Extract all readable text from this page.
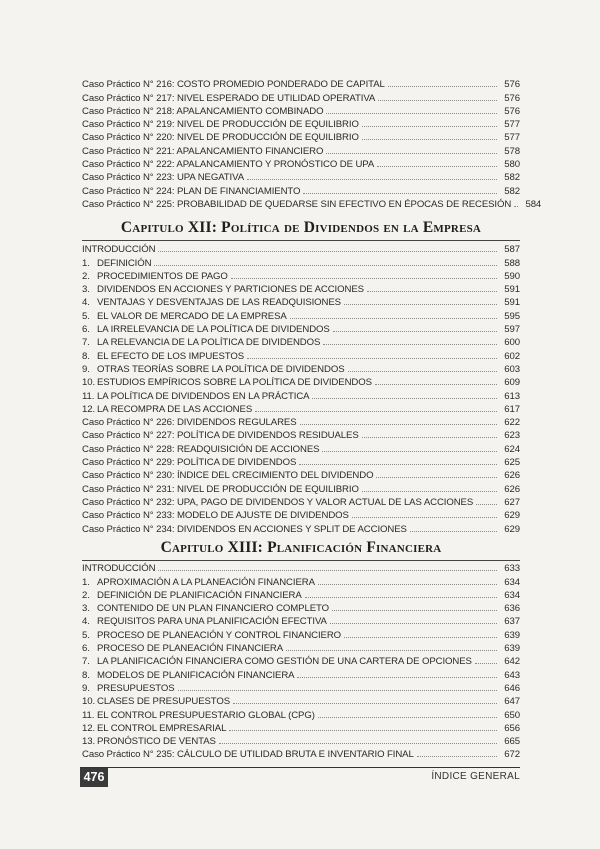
Caso Práctico N° 216: COSTO PROMEDIO PONDERADO DE CAPITAL	576
Caso Práctico N° 217: NIVEL ESPERADO DE UTILIDAD OPERATIVA	576
Caso Práctico N° 218: APALANCAMIENTO COMBINADO	576
Caso Práctico N° 219: NIVEL DE PRODUCCIÓN DE EQUILIBRIO	577
Caso Práctico N° 220: NIVEL DE PRODUCCIÓN DE EQUILIBRIO	577
Caso Práctico N° 221: APALANCAMIENTO FINANCIERO	578
Caso Práctico N° 222: APALANCAMIENTO Y PRONÓSTICO DE UPA	580
Caso Práctico N° 223: UPA NEGATIVA	582
Caso Práctico N° 224: PLAN DE FINANCIAMIENTO	582
Caso Práctico N° 225: PROBABILIDAD DE QUEDARSE SIN EFECTIVO EN ÉPOCAS DE RECESIÓN	584
Capitulo XII: Política de Dividendos en la Empresa
INTRODUCCIÓN	587
1. DEFINICIÓN	588
2. PROCEDIMIENTOS DE PAGO	590
3. DIVIDENDOS EN ACCIONES Y PARTICIONES DE ACCIONES	591
4. VENTAJAS Y DESVENTAJAS DE LAS READQUISIONES	591
5. EL VALOR DE MERCADO DE LA EMPRESA	595
6. LA IRRELEVANCIA DE LA POLÍTICA DE DIVIDENDOS	597
7. LA RELEVANCIA DE LA POLÍTICA DE DIVIDENDOS	600
8. EL EFECTO DE LOS IMPUESTOS	602
9. OTRAS TEORÍAS SOBRE LA POLÍTICA DE DIVIDENDOS	603
10. ESTUDIOS EMPÍRICOS SOBRE LA POLÍTICA DE DIVIDENDOS	609
11. LA POLÍTICA DE DIVIDENDOS EN LA PRÁCTICA	613
12. LA RECOMPRA DE LAS ACCIONES	617
Caso Práctico N° 226: DIVIDENDOS REGULARES	622
Caso Práctico N° 227: POLÍTICA DE DIVIDENDOS RESIDUALES	623
Caso Práctico N° 228: READQUISICIÓN DE ACCIONES	624
Caso Práctico N° 229: POLÍTICA DE DIVIDENDOS	625
Caso Práctico N° 230: ÍNDICE DEL CRECIMIENTO DEL DIVIDENDO	626
Caso Práctico N° 231: NIVEL DE PRODUCCIÓN DE EQUILIBRIO	626
Caso Práctico N° 232: UPA, PAGO DE DIVIDENDOS Y VALOR ACTUAL DE LAS ACCIONES	627
Caso Práctico N° 233: MODELO DE AJUSTE DE DIVIDENDOS	629
Caso Práctico N° 234: DIVIDENDOS EN ACCIONES Y SPLIT DE ACCIONES	629
Capitulo XIII: Planificación Financiera
INTRODUCCIÓN	633
1. APROXIMACIÓN A LA PLANEACIÓN FINANCIERA	634
2. DEFINICIÓN DE PLANIFICACIÓN FINANCIERA	634
3. CONTENIDO DE UN PLAN FINANCIERO COMPLETO	636
4. REQUISITOS PARA UNA PLANIFICACIÓN EFECTIVA	637
5. PROCESO DE PLANEACIÓN Y CONTROL FINANCIERO	639
6. PROCESO DE PLANEACIÓN FINANCIERA	639
7. LA PLANIFICACIÓN FINANCIERA COMO GESTIÓN DE UNA CARTERA DE OPCIONES	642
8. MODELOS DE PLANIFICACIÓN FINANCIERA	643
9. PRESUPUESTOS	646
10. CLASES DE PRESUPUESTOS	647
11. EL CONTROL PRESUPUESTARIO GLOBAL (CPG)	650
12. EL CONTROL EMPRESARIAL	656
13. PRONÓSTICO DE VENTAS	665
Caso Práctico N° 235: CÁLCULO DE UTILIDAD BRUTA E INVENTARIO FINAL	672
476	ÍNDICE GENERAL
